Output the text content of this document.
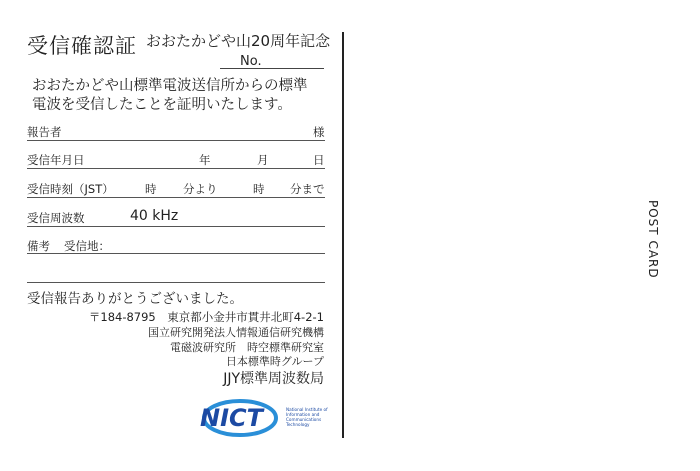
受信確認証 おおたかどや山20周年記念
No.
おおたかどや山標準電波送信所からの標準
電波を受信したことを証明いたします。
報告者	様
受信年月日	年	月	日
受信時刻（JST）	時 分より	時 分まで
受信周波数	40 kHz
備考 受信地：
受信報告ありがとうございました。
〒184-8795　東京都小金井市貫井北町4-2-1
国立研究開発法人情報通信研究機構
電磁波研究所　時空標準研究室
日本標準時グループ
JJY標準周波数局
NICT	National Institute of
Information and
Communications
Technology
POST CARD
